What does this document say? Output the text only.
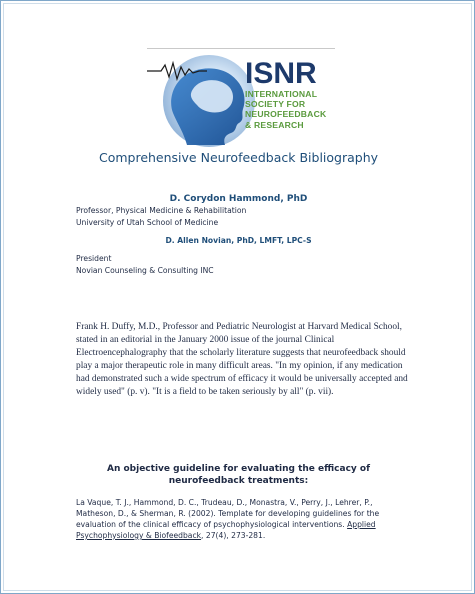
ISNR
INTERNATIONAL
SOCIETY FOR
NEUROFEEDBACK
& RESEARCH
Comprehensive Neurofeedback Bibliography
D. Corydon Hammond, PhD
Professor, Physical Medicine & Rehabilitation
University of Utah School of Medicine
D. Allen Novian, PhD, LMFT, LPC-S
President
Novian Counseling & Consulting INC

Frank H. Duffy, M.D., Professor and Pediatric Neurologist at Harvard Medical School, stated in an editorial in the January 2000 issue of the journal Clinical Electroencephalography that the scholarly literature suggests that neurofeedback should play a major therapeutic role in many difficult areas. "In my opinion, if any medication had demonstrated such a wide spectrum of efficacy it would be universally accepted and widely used" (p. v). "It is a field to be taken seriously by all" (p. vii).

An objective guideline for evaluating the efficacy of
neurofeedback treatments:
La Vaque, T. J., Hammond, D. C., Trudeau, D., Monastra, V., Perry, J., Lehrer, P., Matheson, D., & Sherman, R. (2002). Template for developing guidelines for the evaluation of the clinical efficacy of psychophysiological interventions. Applied Psychophysiology & Biofeedback, 27(4), 273-281.
